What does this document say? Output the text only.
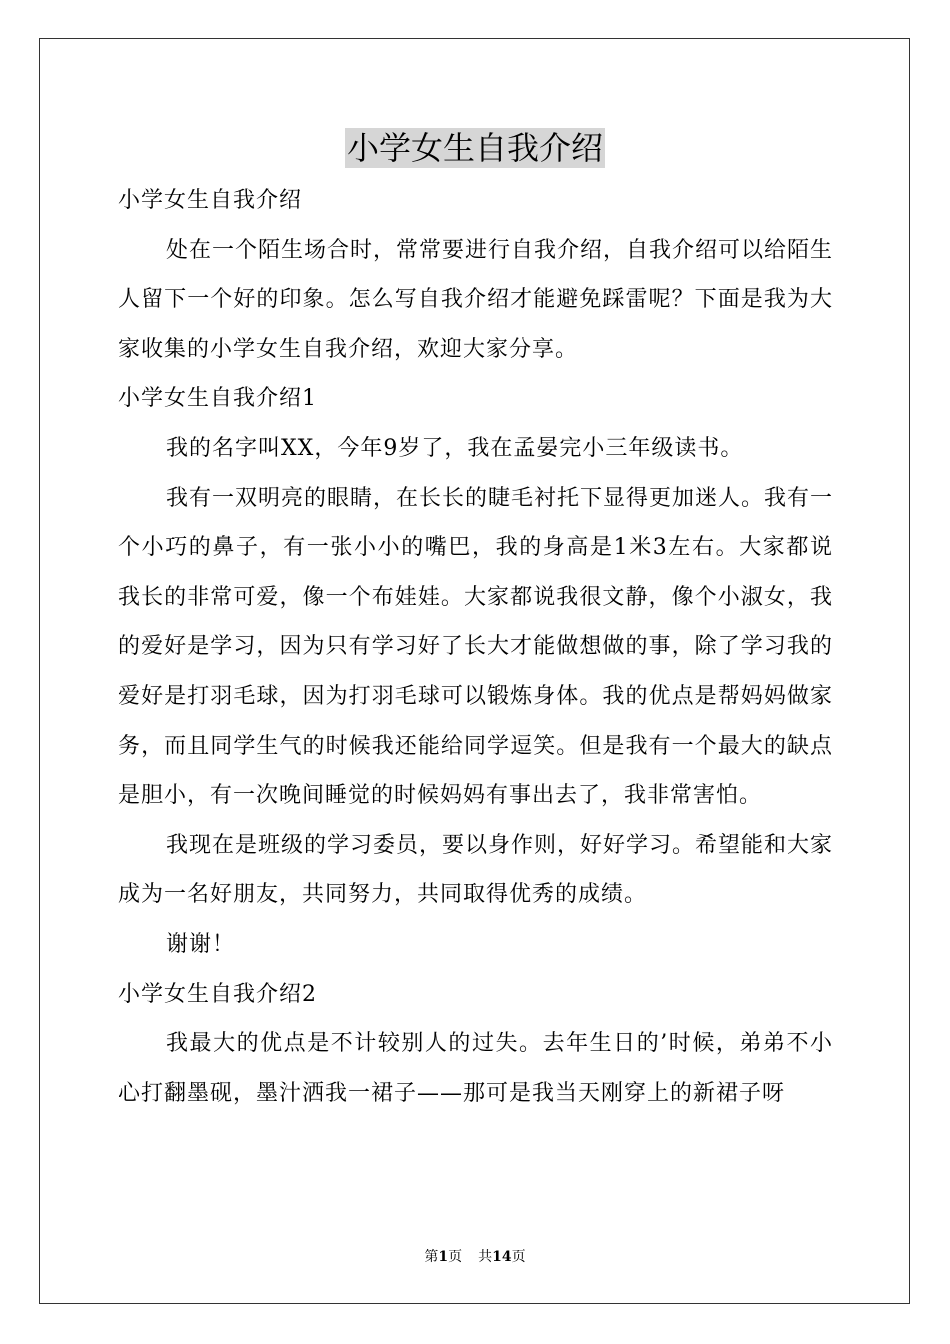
小学女生自我介绍

小学女生自我介绍

处在一个陌生场合时，常常要进行自我介绍，自我介绍可以给陌生人留下一个好的印象。怎么写自我介绍才能避免踩雷呢？下面是我为大家收集的小学女生自我介绍，欢迎大家分享。

小学女生自我介绍1

我的名字叫XX，今年9岁了，我在孟晏完小三年级读书。

我有一双明亮的眼睛，在长长的睫毛衬托下显得更加迷人。我有一个小巧的鼻子，有一张小小的嘴巴，我的身高是1米3左右。大家都说我长的非常可爱，像一个布娃娃。大家都说我很文静，像个小淑女，我的爱好是学习，因为只有学习好了长大才能做想做的事，除了学习我的爱好是打羽毛球，因为打羽毛球可以锻炼身体。我的优点是帮妈妈做家务，而且同学生气的时候我还能给同学逗笑。但是我有一个最大的缺点是胆小，有一次晚间睡觉的时候妈妈有事出去了，我非常害怕。

我现在是班级的学习委员，要以身作则，好好学习。希望能和大家成为一名好朋友，共同努力，共同取得优秀的成绩。

谢谢！

小学女生自我介绍2

我最大的优点是不计较别人的过失。去年生日的’时候，弟弟不小心打翻墨砚，墨汁洒我一裙子——那可是我当天刚穿上的新裙子呀

第1页 共14页
